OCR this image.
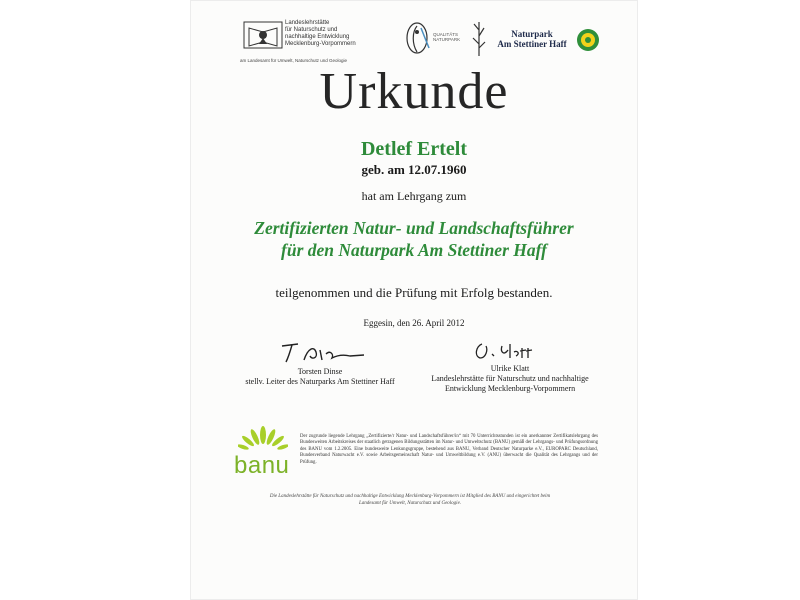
Landeslehrstätte
für Naturschutz und
nachhaltige Entwicklung
Mecklenburg-Vorpommern
am Landesamt für Umwelt, Naturschutz und Geologie
QUALITÄTS
NATURPARK
Naturpark
Am Stettiner Haff
Urkunde
Detlef Ertelt
geb. am 12.07.1960
hat am Lehrgang zum
Zertifizierten Natur- und Landschaftsführer
für den Naturpark Am Stettiner Haff
teilgenommen und die Prüfung mit Erfolg bestanden.
Eggesin, den 26. April 2012
Torsten Dinse
stellv. Leiter des Naturparks Am Stettiner Haff
Ulrike Klatt
Landeslehrstätte für Naturschutz und nachhaltige
Entwicklung Mecklenburg-Vorpommern
banu
Der zugrunde liegende Lehrgang „Zertifizierte/r Natur- und Landschaftsführer/in“ mit 70 Unterrichtsstunden ist ein anerkannter Zertifikatslehrgang des Bundesweiten Arbeitskreises der staatlich getragenen Bildungsstätten im Natur- und Umweltschutz (BANU) gemäß der Lehrgangs- und Prüfungsordnung des BANU vom 1.2.2005. Eine bundesweite Lenkungsgruppe, bestehend aus BANU, Verband Deutscher Naturparke e.V., EUROPARC Deutschland, Bundesverband Naturwacht e.V. sowie Arbeitsgemeinschaft Natur- und Umweltbildung e.V. (ANU) überwacht die Qualität des Lehrgangs und der Prüfung.
Die Landeslehrstätte für Naturschutz und nachhaltige Entwicklung Mecklenburg-Vorpommern ist Mitglied des BANU und eingerichtet beim
Landesamt für Umwelt, Naturschutz und Geologie.
